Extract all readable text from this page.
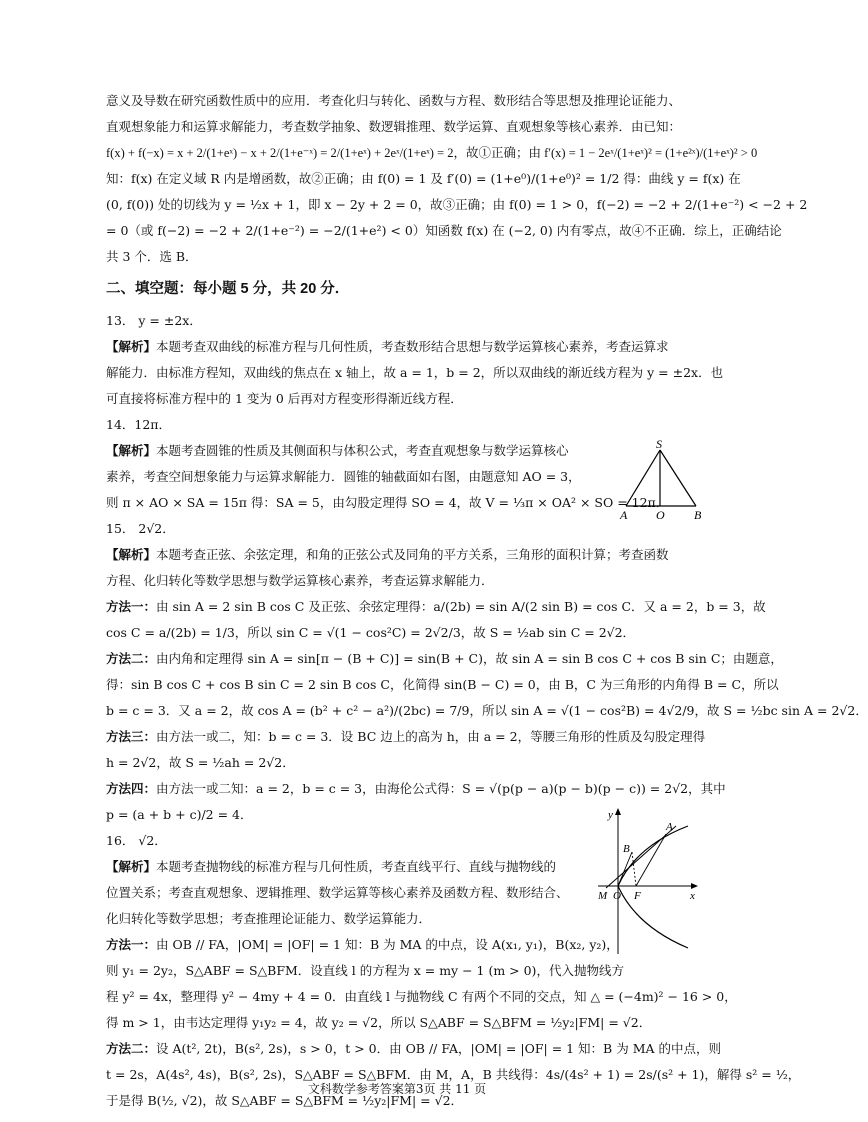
意义及导数在研究函数性质中的应用．考查化归与转化、函数与方程、数形结合等思想及推理论证能力、
直观想象能力和运算求解能力，考查数学抽象、数逻辑推理、数学运算、直观想象等核心素养．由已知：
f(x) + f(−x) = x + 2/(1+eˣ) − x + 2/(1+e⁻ˣ) = 2/(1+eˣ) + 2eˣ/(1+eˣ) = 2，故①正确；由 f′(x) = 1 − 2eˣ/(1+eˣ)² = (1+e²ˣ)/(1+eˣ)² > 0
知：f(x) 在定义域 R 内是增函数，故②正确；由 f(0) = 1 及 f′(0) = (1+e⁰)/(1+e⁰)² = 1/2 得：曲线 y = f(x) 在
(0, f(0)) 处的切线为 y = ½x + 1，即 x − 2y + 2 = 0，故③正确；由 f(0) = 1 > 0，f(−2) = −2 + 2/(1+e⁻²) < −2 + 2
= 0（或 f(−2) = −2 + 2/(1+e⁻²) = −2/(1+e²) < 0）知函数 f(x) 在 (−2, 0) 内有零点，故④不正确．综上，正确结论
共 3 个．选 B．
二、填空题：每小题 5 分，共 20 分．
13． y = ±2x．
【解析】本题考查双曲线的标准方程与几何性质，考查数形结合思想与数学运算核心素养，考查运算求
解能力．由标准方程知，双曲线的焦点在 x 轴上，故 a = 1，b = 2，所以双曲线的渐近线方程为 y = ±2x．也
可直接将标准方程中的 1 变为 0 后再对方程变形得渐近线方程．
14．12π．
【解析】本题考查圆锥的性质及其侧面积与体积公式，考查直观想象与数学运算核心
素养，考查空间想象能力与运算求解能力．圆锥的轴截面如右图，由题意知 AO = 3，
则 π × AO × SA = 15π 得：SA = 5，由勾股定理得 SO = 4，故 V = ⅓π × OA² × SO = 12π．
S
A O B
15． 2√2．
【解析】本题考查正弦、余弦定理，和角的正弦公式及同角的平方关系，三角形的面积计算；考查函数
方程、化归转化等数学思想与数学运算核心素养，考查运算求解能力．
方法一：由 sin A = 2 sin B cos C 及正弦、余弦定理得：a/(2b) = sin A/(2 sin B) = cos C．又 a = 2，b = 3，故
cos C = a/(2b) = 1/3，所以 sin C = √(1 − cos²C) = 2√2/3，故 S = ½ab sin C = 2√2．
方法二：由内角和定理得 sin A = sin[π − (B + C)] = sin(B + C)，故 sin A = sin B cos C + cos B sin C；由题意，
得：sin B cos C + cos B sin C = 2 sin B cos C，化简得 sin(B − C) = 0，由 B，C 为三角形的内角得 B = C，所以
b = c = 3．又 a = 2，故 cos A = (b² + c² − a²)/(2bc) = 7/9，所以 sin A = √(1 − cos²B) = 4√2/9，故 S = ½bc sin A = 2√2．
方法三：由方法一或二，知：b = c = 3．设 BC 边上的高为 h，由 a = 2，等腰三角形的性质及勾股定理得
h = 2√2，故 S = ½ah = 2√2．
方法四：由方法一或二知：a = 2，b = c = 3，由海伦公式得：S = √(p(p − a)(p − b)(p − c)) = 2√2，其中
p = (a + b + c)/2 = 4．
16． √2．
【解析】本题考查抛物线的标准方程与几何性质，考查直线平行、直线与抛物线的
位置关系；考查直观想象、逻辑推理、数学运算等核心素养及函数方程、数形结合、
化归转化等数学思想；考查推理论证能力、数学运算能力．
方法一：由 OB // FA，|OM| = |OF| = 1 知：B 为 MA 的中点，设 A(x₁, y₁)，B(x₂, y₂)，
则 y₁ = 2y₂，S△ABF = S△BFM．设直线 l 的方程为 x = my − 1 (m > 0)，代入抛物线方
程 y² = 4x，整理得 y² − 4my + 4 = 0．由直线 l 与抛物线 C 有两个不同的交点，知 △ = (−4m)² − 16 > 0，
得 m > 1，由韦达定理得 y₁y₂ = 4，故 y₂ = √2，所以 S△ABF = S△BFM = ½y₂|FM| = √2．
y
A
B
M O F	x
方法二：设 A(t², 2t)，B(s², 2s)，s > 0，t > 0．由 OB // FA，|OM| = |OF| = 1 知：B 为 MA 的中点，则
t = 2s，A(4s², 4s)，B(s², 2s)，S△ABF = S△BFM．由 M，A，B 共线得：4s/(4s² + 1) = 2s/(s² + 1)，解得 s² = ½，
于是得 B(½, √2)，故 S△ABF = S△BFM = ½y₂|FM| = √2．
文科数学参考答案第3页 共 11 页
